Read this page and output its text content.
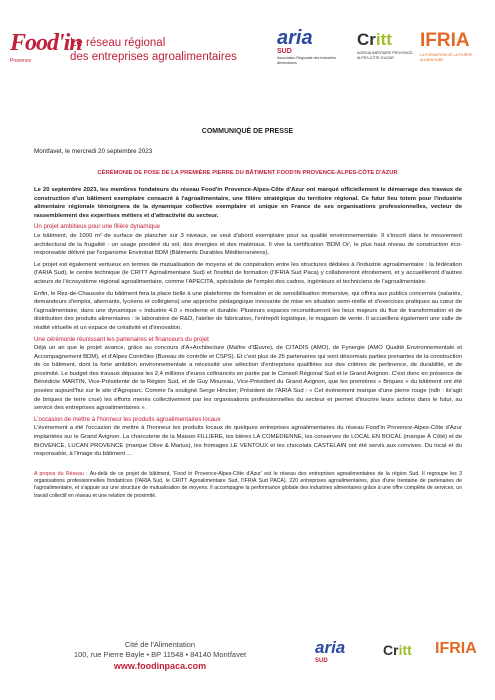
Food'in
Provence
Le réseau régional
des entreprises agroalimentaires
aria
SUD
Association Régionale des Industries Alimentaires
Critt
AGROALIMENTAIRE PROVENCE-ALPES-CÔTE D'AZUR
IFRIA
LA FORMATION DE LA FILIÈRE ALIMENTAIRE
COMMUNIQUÉ DE PRESSE
Montfavet, le mercredi 20 septembre 2023
CÉRÉMONIE DE POSE DE LA PREMIÈRE PIERRE DU BÂTIMENT FOOD'IN PROVENCE-ALPES-CÔTE D'AZUR

Le 20 septembre 2023, les membres fondateurs du réseau Food'in Provence-Alpes-Côte d'Azur ont marqué officiellement le démarrage des travaux de construction d'un bâtiment exemplaire consacré à l'agroalimentaire, une filière stratégique du territoire régional. Ce futur lieu totem pour l'industrie alimentaire régionale témoignera de la dynamique collective exemplaire et unique en France de ses organisations professionnelles, vecteur de rassemblement des expertises métiers et d'attractivité du secteur.

Un projet ambitieux pour une filière dynamique

Le bâtiment, de 1000 m² de surface de plancher sur 3 niveaux, se veut d'abord exemplaire pour sa qualité environnementale. Il s'inscrit dans le mouvement architectural de la frugalité : un usage pondéré du sol, des énergies et des matériaux. Il vise la certification 'BDM Or', le plus haut niveau de construction éco-responsable délivré par l'organisme Envirobat BDM (Bâtiments Durables Méditerranéens).

Le projet est également vertueux en termes de mutualisation de moyens et de coopération entre les structures dédiées à l'industrie agroalimentaire : la fédération (l'ARIA Sud), le centre technique (le CRITT Agroalimentaire Sud) et l'institut de formation (l'IFRIA Sud Paca) y collaboreront étroitement, et y accueilleront d'autres acteurs de l'écosystème régional agroalimentaire, comme l'APECITA, spécialiste de l'emploi des cadres, ingénieurs et techniciens de l'agroalimentaire.

Enfin, le Rez-de-Chaussée du bâtiment fera la place belle à une plateforme de formation et de sensibilisation immersive, qui offrira aux publics concernés (salariés, demandeurs d'emploi, alternants, lycéens et collégiens) une approche pédagogique innovante de mise en situation semi-réelle et d'exercices pratiques au cœur de l'agroalimentaire, dans une dynamique « industrie 4.0 » moderne et durable. Plusieurs espaces reconstitueront les lieux majeurs du flux de transformation et de distribution des produits alimentaires : le laboratoire de R&D, l'atelier de fabrication, l'entrepôt logistique, le magasin de vente. Il accueillera également une salle de réalité virtuelle et un espace de créativité et d'innovation.

Une cérémonie réunissant les partenaires et financeurs du projet

Déjà un an que le projet avance, grâce au concours d'A+Architecture (Maître d'Œuvre), de CITADIS (AMO), de Fynergie (AMO Qualité Environnementale et Accompagnement BDM), et d'Alpes Contrôles (Bureau de contrôle et CSPS). Et c'est plus de 25 partenaires qui sont désormais parties prenantes de la construction de ce bâtiment, dont la forte ambition environnementale a nécessité une sélection d'entreprises qualifiées sur des critères de pertinence, de durabilité, et de proximité. Le budget des travaux dépasse les 2,4 millions d'euros cofinancés en partie par le Conseil Régional Sud et le Grand Avignon. C'est donc en présence de Bénédicte MARTIN, Vice-Présidente de la Région Sud, et de Guy Moureau, Vice-Président du Grand Avignon, que les premières « Briques » du bâtiment ont été posées aujourd'hui sur le site d'Agroparc. Comme l'a souligné Serge Hincker, Président de l'ARIA Sud : « Cet évènement marque d'une pierre rouge (ndlr : ils'agit de briques de terre crue) les efforts menés collectivement par les organisations professionnelles du secteur et permet d'inscrire leurs actions dans le futur, au service des entreprises agroalimentaires ».

L'occasion de mettre à l'honneur les produits agroalimentaires locaux

L'événement a été l'occasion de mettre à l'honneur les produits locaux de quelques entreprises agroalimentaires du réseau Food'in Provence-Alpes-Côte d'Azur implantées sur le Grand Avignon. La charcuterie de la Maison FILLIERE, les bières LA COMEDIENNE, les conserves de LOCAL EN BOCAL (marque À Côté) et de BIOVENCE, LUCAN PROVENCE (marque Olive & Marius), les fromages LE VENTOUX et les chocolats CASTELAIN ont été servis aux convives. Du local et du responsable, à l'image du bâtiment …

A propos du Réseau : Au-delà de ce projet de bâtiment, 'Food in Provence-Alpes-Côte d'Azur' est le réseau des entreprises agroalimentaires de la région Sud. Il regroupe les 3 organisations professionnelles fondatrices (l'ARIA Sud, le CRITT Agroalimentaire Sud, l'IFRIA Sud PACA), 220 entreprises agroalimentaires, plus d'une trentaine de partenaires de l'agroalimentaire, et s'appuie sur une structure de mutualisation de moyens. Il accompagne la performance globale des industries alimentaires grâce à une offre complète de services, un travail collectif en réseau et une relation de proximité.

Cité de l'Alimentation
100, rue Pierre Bayle • BP 11548 • 84140 Montfavet
www.foodinpaca.com
aria
SUD
Critt IFRIA
